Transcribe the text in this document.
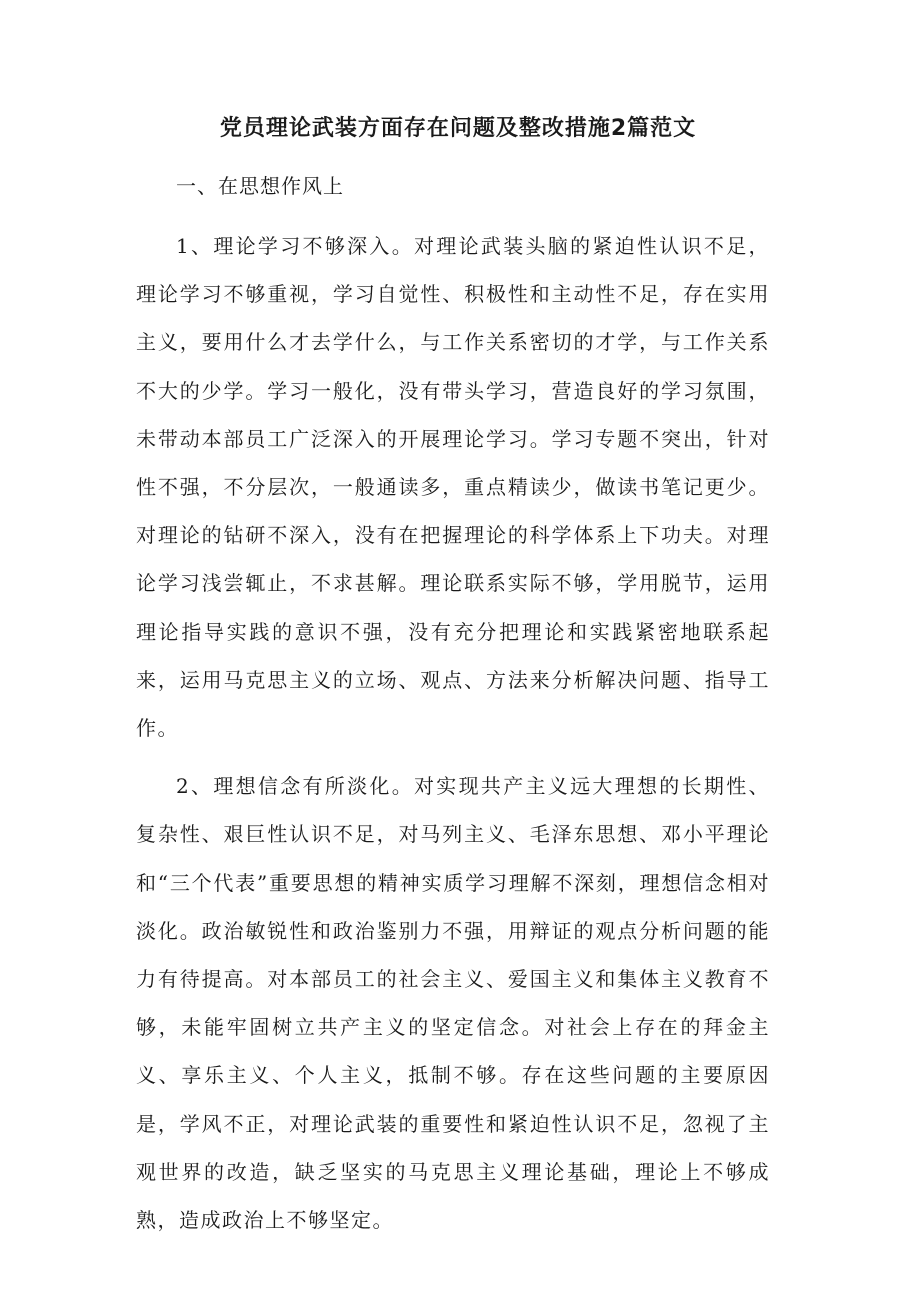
党员理论武装方面存在问题及整改措施2篇范文

一、在思想作风上

1、理论学习不够深入。对理论武装头脑的紧迫性认识不足，理论学习不够重视，学习自觉性、积极性和主动性不足，存在实用主义，要用什么才去学什么，与工作关系密切的才学，与工作关系不大的少学。学习一般化，没有带头学习，营造良好的学习氛围，未带动本部员工广泛深入的开展理论学习。学习专题不突出，针对性不强，不分层次，一般通读多，重点精读少，做读书笔记更少。对理论的钻研不深入，没有在把握理论的科学体系上下功夫。对理论学习浅尝辄止，不求甚解。理论联系实际不够，学用脱节，运用理论指导实践的意识不强，没有充分把理论和实践紧密地联系起来，运用马克思主义的立场、观点、方法来分析解决问题、指导工作。

2、理想信念有所淡化。对实现共产主义远大理想的长期性、复杂性、艰巨性认识不足，对马列主义、毛泽东思想、邓小平理论和“三个代表”重要思想的精神实质学习理解不深刻，理想信念相对淡化。政治敏锐性和政治鉴别力不强，用辩证的观点分析问题的能力有待提高。对本部员工的社会主义、爱国主义和集体主义教育不够，未能牢固树立共产主义的坚定信念。对社会上存在的拜金主义、享乐主义、个人主义，抵制不够。存在这些问题的主要原因是，学风不正，对理论武装的重要性和紧迫性认识不足，忽视了主观世界的改造，缺乏坚实的马克思主义理论基础，理论上不够成熟，造成政治上不够坚定。
